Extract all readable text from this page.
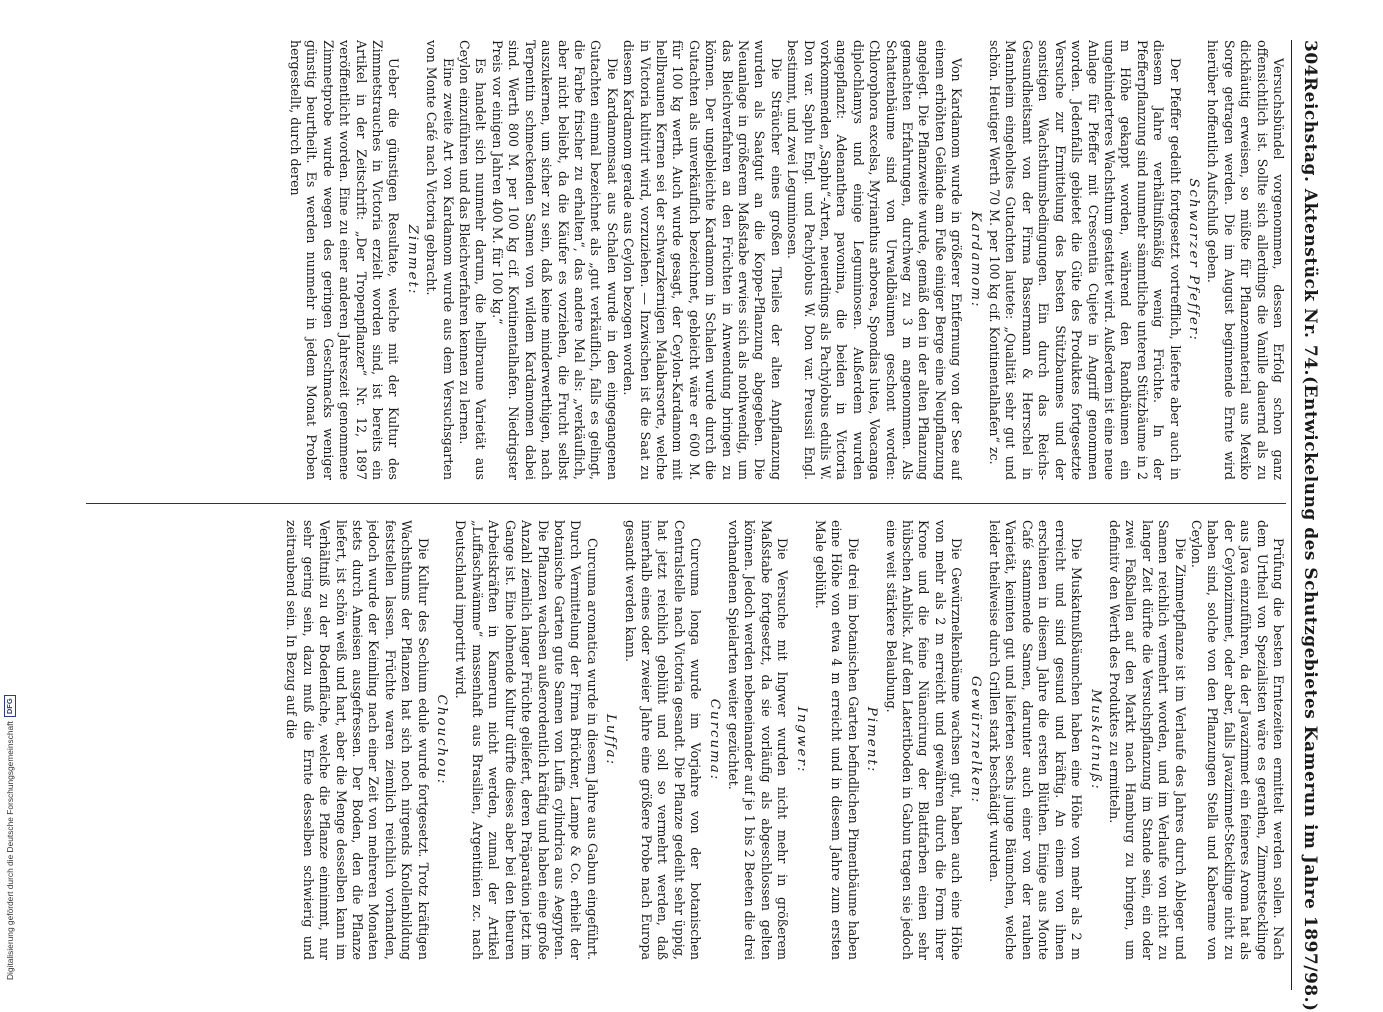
304
Reichstag. Aktenstück Nr. 74.
(Entwickelung des Schutzgebietes Kamerun im Jahre 1897/98.)

Versuchsbündel vorgenommen, dessen Erfolg schon ganz offensichtlich ist. Sollte sich allerdings die Vanille dauernd als zu dickhäutig erweisen, so müßte für Pflanzenmaterial aus Mexiko Sorge getragen werden. Die im August beginnende Ernte wird hierüber hoffentlich Aufschluß geben.

Schwarzer Pfeffer:

Der Pfeffer gedeiht fortgesetzt vortrefflich, lieferte aber auch in diesem Jahre verhältnißmäßig wenig Früchte. In der Pfefferpflanzung sind nunmehr sämmtliche unteren Stützbäume in 2 m Höhe gekappt worden, während den Randbäumen ein ungehinderteres Wachsthum gestattet wird. Außerdem ist eine neue Anlage für Pfeffer mit Crescentia Cujete in Angriff genommen worden. Jedenfalls gebietet die Güte des Produktes fortgesetzte Versuche zur Ermittelung des besten Stützbaumes und der sonstigen Wachsthumsbedingungen. Ein durch das Reichs-Gesundheitsamt von der Firma Bassermann & Herrschel in Mannheim eingeholtes Gutachten lautete: „Qualität sehr gut und schön. Heutiger Werth 70 M. per 100 kg cif. Kontinentalhafen“ zc.

Kardamom:

Von Kardamom wurde in größerer Entfernung von der See auf einem erhöhten Gelände am Fuße einiger Berge eine Neupflanzung angelegt. Die Pflanzweite wurde, gemäß den in der alten Pflanzung gemachten Erfahrungen, durchweg zu 3 m angenommen. Als Schattenbäume sind von Urwaldbäumen geschont worden: Chlorophora excelsa, Myrianthus arborea, Spondias lutea, Voacanga diplochlamys und einige Leguminosen. Außerdem wurden angepflanzt: Adenanthera pavonina, die beiden in Victoria vorkommenden „Saphu“-Arten, neuerdings als Pachylobus edulis W. Don var. Saphu Engl. und Pachylobus W. Don var. Preussii Engl. bestimmt, und zwei Leguminosen.

Die Sträucher eines großen Theiles der alten Anpflanzung wurden als Saatgut an die Koppe-Pflanzung abgegeben. Die Neuanlage in größerem Maßstabe erwies sich als nothwendig, um das Bleichverfahren an den Früchten in Anwendung bringen zu können. Der ungebleichte Kardamom in Schalen wurde durch die Gutachten als unverkäuflich bezeichnet, gebleicht wäre er 600 M. für 100 kg werth. Auch wurde gesagt, der Ceylon-Kardamom mit hellbraunen Kernen sei der schwarzkernigen Malabarsorte, welche in Victoria kultivirt wird, vorzuziehen. — Inzwischen ist die Saat zu diesem Kardamom gerade aus Ceylon bezogen worden.

Die Kardamomsaat aus Schalen wurde in den eingegangenen Gutachten einmal bezeichnet als „gut verkäuflich, falls es gelingt, die Farbe frischer zu erhalten“, das andere Mal als: „verkäuflich, aber nicht beliebt, da die Käufer es vorziehen, die Frucht selbst auszukernen, um sicher zu sein, daß keine minderwerthigen, nach Terpentin schmeckenden Samen von wildem Kardamomen dabei sind. Werth 800 M. per 100 kg cif. Kontinentalhafen. Niedrigster Preis vor einigen Jahren 400 M. für 100 kg.“

Es handelt sich nunmehr darum, die hellbraune Varietät aus Ceylon einzuführen und das Bleichverfahren kennen zu lernen.

Eine zweite Art von Kardamom wurde aus dem Versuchsgarten von Monte Café nach Victoria gebracht.

Zimmet:

Ueber die günstigen Resultate, welche mit der Kultur des Zimmetstrauches in Victoria erzielt worden sind, ist bereits ein Artikel in der Zeitschrift: „Der Tropenpflanzer“ Nr. 12, 1897 veröffentlicht worden. Eine zu einer anderen Jahreszeit genommene Zimmetprobe wurde wegen des geringen Geschmacks weniger günstig beurtheilt. Es werden nunmehr in jedem Monat Proben hergestellt, durch deren

Prüfung die besten Erntezeiten ermittelt werden sollen. Nach dem Urtheil von Spezialisten wäre es gerathen, Zimmetstecklinge aus Java einzuführen, da der Javazimmet ein feineres Aroma hat als der Ceylonzimmet, oder aber, falls Javazimmet-Stecklinge nicht zu haben sind, solche von den Pflanzungen Stella und Kaberame von Ceylon.

Die Zimmetpflanze ist im Verlaufe des Jahres durch Ableger und Samen reichlich vermehrt worden, und im Verlaufe von nicht zu langer Zeit dürfte die Versuchspflanzung im Stande sein, ein oder zwei Faßballen auf den Markt nach Hamburg zu bringen, um definitiv den Werth des Produktes zu ermitteln.

Muskatnuß:

Die Muskatnußbäumchen haben eine Höhe von mehr als 2 m erreicht und sind gesund und kräftig. An einem von ihnen erschienen in diesem Jahre die ersten Blüthen. Einige aus Monte Café stammende Samen, darunter auch einer von der rauhen Varietät, keimten gut und lieferten sechs junge Bäumchen, welche leider theilweise durch Grillen stark beschädigt wurden.

Gewürznelken:

Die Gewürznelkenbäume wachsen gut, haben auch eine Höhe von mehr als 2 m erreicht und gewähren durch die Form ihrer Krone und die feine Nüancirung der Blattfarben einen sehr hübschen Anblick. Auf dem Lateritboden in Gabun tragen sie jedoch eine weit stärkere Belaubung.

Piment:

Die drei im botanischen Garten befindlichen Pimentbäume haben eine Höhe von etwa 4 m erreicht und in diesem Jahre zum ersten Male geblüht.

Ingwer:

Die Versuche mit Ingwer wurden nicht mehr in größerem Maßstabe fortgesetzt, da sie vorläufig als abgeschlossen gelten können. Jedoch werden nebeneinander auf je 1 bis 2 Beeten die drei vorhandenen Spielarten weiter gezüchtet.

Curcuma:

Curcuma longa wurde im Vorjahre von der botanischen Centralstelle nach Victoria gesandt. Die Pflanze gedeiht sehr üppig, hat jetzt reichlich geblüht und soll so vermehrt werden, daß innerhalb eines oder zweier Jahre eine größere Probe nach Europa gesandt werden kann.

Luffa:

Curcuma aromatica wurde in diesem Jahre aus Gabun eingeführt. Durch Vermittelung der Firma Brückner, Lampe & Co. erhielt der botanische Garten gute Samen von Luffa cylindrica aus Aegypten. Die Pflanzen wachsen außerordentlich kräftig und haben eine große Anzahl ziemlich langer Früchte geliefert, deren Präparation jetzt im Gange ist. Eine lohnende Kultur dürfte dieses aber bei den theuren Arbeitskräften in Kamerun nicht werden, zumal der Artikel „Luffaschwämme“ massenhaft aus Brasilien, Argentinien zc. nach Deutschland importirt wird.

Chouchou:

Die Kultur des Sechium edule wurde fortgesetzt. Trotz kräftigen Wachsthums der Pflanzen hat sich noch nirgends Knollenbildung feststellen lassen. Früchte waren ziemlich reichlich vorhanden, jedoch wurde der Keimling nach einer Zeit von mehreren Monaten stets durch Ameisen ausgefressen. Der Boden, den die Pflanze liefert, ist schön weiß und hart, aber die Menge desselben kann im Verhältniß zu der Bodenfläche, welche die Pflanze einnimmt, nur sehr gering sein, dazu muß die Ernte desselben schwierig und zeitraubend sein. In Bezug auf die

Digitalisierung gefördert durch die Deutsche Forschungsgemeinschaft
DFG
